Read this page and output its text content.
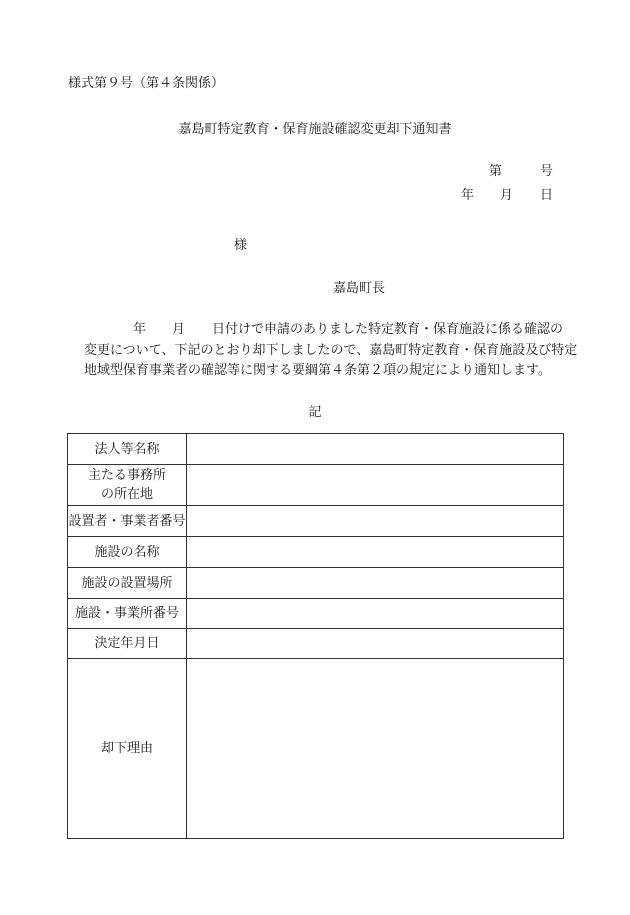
様式第９号（第４条関係）
嘉島町特定教育・保育施設確認変更却下通知書
第	号
年 月 日
様
嘉島町長
年 月 日付けで申請のありました特定教育・保育施設に係る確認の
変更について、下記のとおり却下しましたので、嘉島町特定教育・保育施設及び特定
地域型保育事業者の確認等に関する要綱第４条第２項の規定により通知します。
記
法人等名称	

主たる事務所
の所在地	

設置者・事業者番号	
施設の名称	
施設の設置場所	
施設・事業所番号	
決定年月日	
却下理由	
